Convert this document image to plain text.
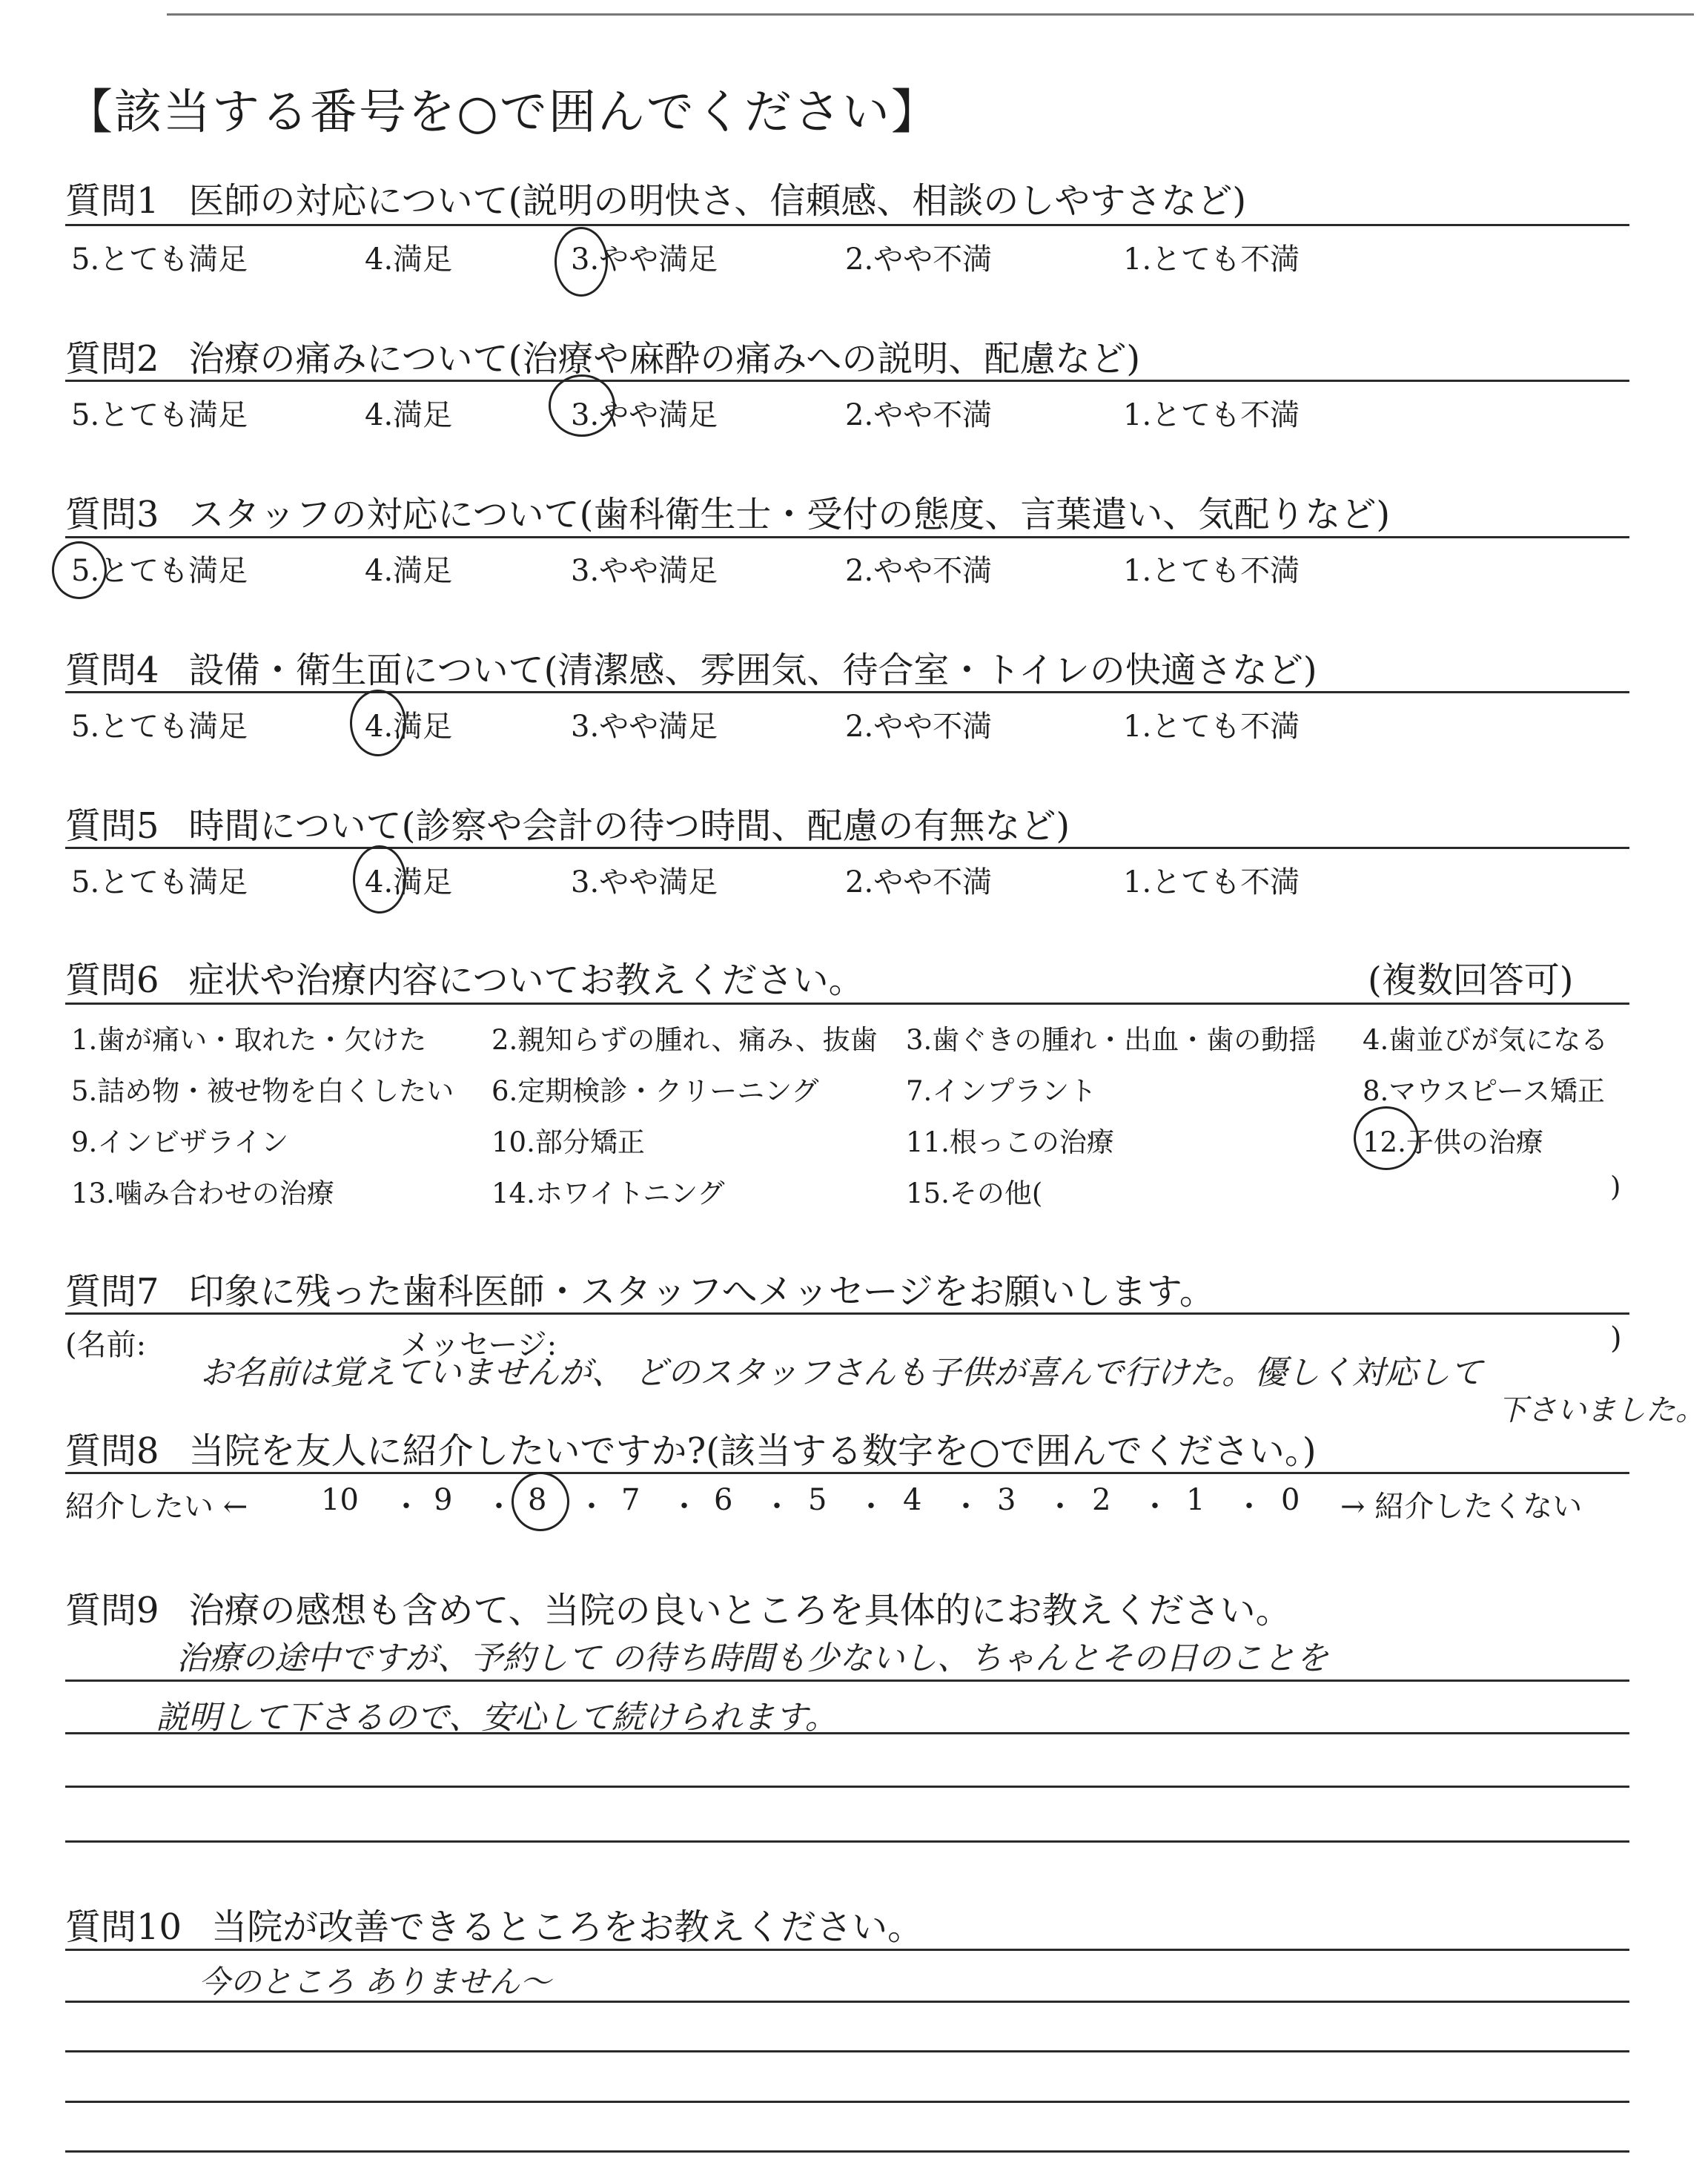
【該当する番号を○で囲んでください】
質問1 医師の対応について(説明の明快さ、信頼感、相談のしやすさなど)
5.とても満足	4.満足	3.やや満足	2.やや不満	1.とても不満
質問2 治療の痛みについて(治療や麻酔の痛みへの説明、配慮など)
5.とても満足	4.満足	3.やや満足	2.やや不満	1.とても不満
質問3 スタッフの対応について(歯科衛生士・受付の態度、言葉遣い、気配りなど)
5.とても満足	4.満足	3.やや満足	2.やや不満	1.とても不満
質問4 設備・衛生面について(清潔感、雰囲気、待合室・トイレの快適さなど)
5.とても満足	4.満足	3.やや満足	2.やや不満	1.とても不満
質問5 時間について(診察や会計の待つ時間、配慮の有無など)
5.とても満足	4.満足	3.やや満足	2.やや不満	1.とても不満
質問6 症状や治療内容についてお教えください。	(複数回答可)
1.歯が痛い・取れた・欠けた 2.親知らずの腫れ、痛み、抜歯 3.歯ぐきの腫れ・出血・歯の動揺 4.歯並びが気になる
5.詰め物・被せ物を白くしたい 6.定期検診・クリーニング	7.インプラント	8.マウスピース矯正
9.インビザライン	10.部分矯正	11.根っこの治療	12.子供の治療
13.噛み合わせの治療	14.ホワイトニング	15.その他(	)
質問7 印象に残った歯科医師・スタッフへメッセージをお願いします。
(名前:	メッセージ:	)
お名前は覚えていませんが、 どのスタッフさんも子供が喜んで行けた。優しく対応して
下さいました。
質問8 当院を友人に紹介したいですか?(該当する数字を○で囲んでください。)
紹介したい ← 10 ・ 9 ・ 8 ・ 7 ・ 6 ・ 5 ・ 4 ・ 3 ・ 2 ・ 1 ・ 0 → 紹介したくない
質問9 治療の感想も含めて、当院の良いところを具体的にお教えください。
治療の途中ですが、予約して の待ち時間も少ないし、ちゃんとその日のことを
説明して下さるので、安心して続けられます。
質問10 当院が改善できるところをお教えください。
今のところ ありません〜
